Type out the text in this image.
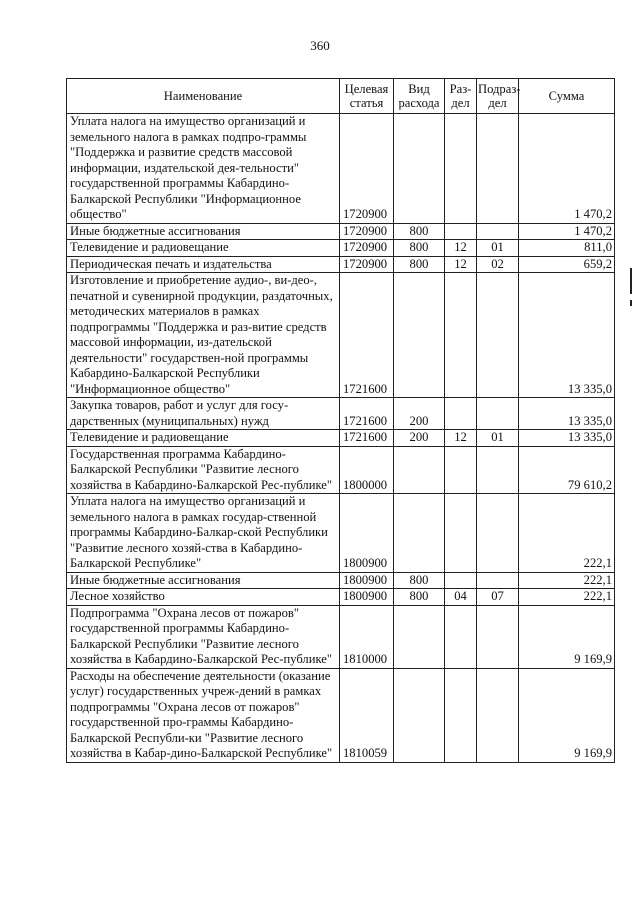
360
Наименование	Целевая статья	Вид расхода	Раз-дел	Подраз-дел	Сумма
Уплата налога на имущество организаций и земельного налога в рамках подпро-граммы "Поддержка и развитие средств массовой информации, издательской дея-тельности" государственной программы Кабардино-Балкарской Республики "Информационное общество"	1720900				1 470,2
Иные бюджетные ассигнования	1720900	800			1 470,2
Телевидение и радиовещание	1720900	800	12	01	811,0
Периодическая печать и издательства	1720900	800	12	02	659,2
Изготовление и приобретение аудио-, ви-део-, печатной и сувенирной продукции, раздаточных, методических материалов в рамках подпрограммы "Поддержка и раз-витие средств массовой информации, из-дательской деятельности" государствен-ной программы Кабардино-Балкарской Республики "Информационное общество"	1721600				13 335,0
Закупка товаров, работ и услуг для госу-дарственных (муниципальных) нужд	1721600	200			13 335,0
Телевидение и радиовещание	1721600	200	12	01	13 335,0
Государственная программа Кабардино-Балкарской Республики "Развитие лесного хозяйства в Кабардино-Балкарской Рес-публике"	1800000				79 610,2
Уплата налога на имущество организаций и земельного налога в рамках государ-ственной программы Кабардино-Балкар-ской Республики "Развитие лесного хозяй-ства в Кабардино-Балкарской Республике"	1800900				222,1
Иные бюджетные ассигнования	1800900	800			222,1
Лесное хозяйство	1800900	800	04	07	222,1
Подпрограмма "Охрана лесов от пожаров" государственной программы Кабардино-Балкарской Республики "Развитие лесного хозяйства в Кабардино-Балкарской Рес-публике"	1810000				9 169,9
Расходы на обеспечение деятельности (оказание услуг) государственных учреж-дений в рамках подпрограммы "Охрана лесов от пожаров" государственной про-граммы Кабардино-Балкарской Республи-ки "Развитие лесного хозяйства в Кабар-дино-Балкарской Республике"	1810059				9 169,9
